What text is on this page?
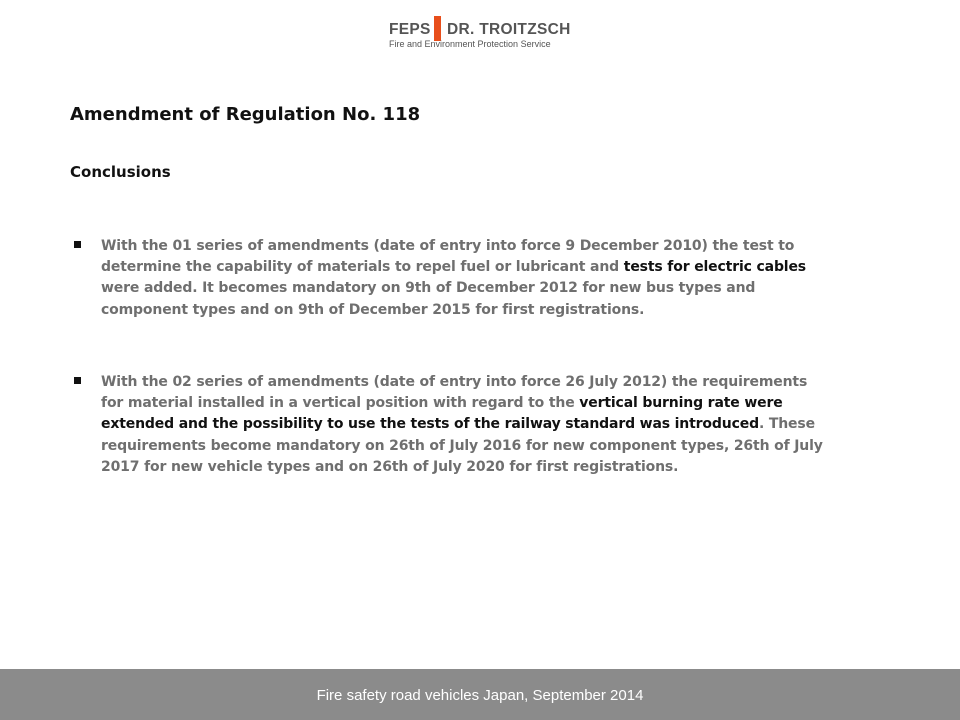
FEPS DR. TROITZSCH
Fire and Environment Protection Service
Amendment of Regulation No. 118
Conclusions
With the 01 series of amendments (date of entry into force 9 December 2010) the test to determine the capability of materials to repel fuel or lubricant and tests for electric cables were added. It becomes mandatory on 9th of December 2012 for new bus types and component types and on 9th of December 2015 for first registrations.
With the 02 series of amendments (date of entry into force 26 July 2012) the requirements for material installed in a vertical position with regard to the vertical burning rate were extended and the possibility to use the tests of the railway standard was introduced. These requirements become mandatory on 26th of July 2016 for new component types, 26th of July 2017 for new vehicle types and on 26th of July 2020 for first registrations.
Fire safety road vehicles Japan, September 2014
